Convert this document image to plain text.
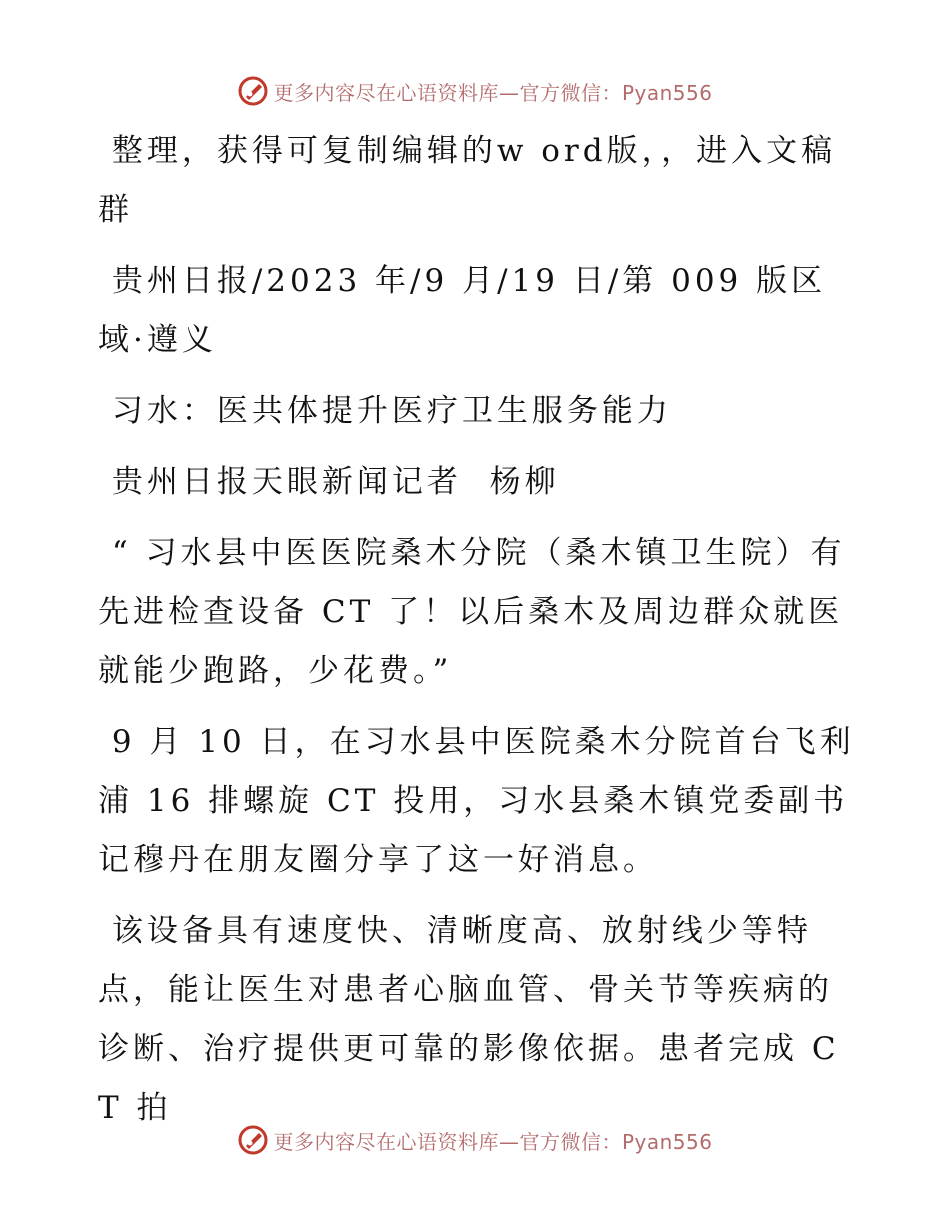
更多内容尽在心语资料库—官方微信：Pyan556

整理，获得可复制编辑的w ord版，，进入文稿群

贵州日报/2023 年/9 月/19 日/第 009 版区域·遵义

习水：医共体提升医疗卫生服务能力

贵州日报天眼新闻记者  杨柳

“ 习水县中医医院桑木分院（桑木镇卫生院）有先进检查设备 CT 了！以后桑木及周边群众就医就能少跑路，少花费。”

9 月 10 日，在习水县中医院桑木分院首台飞利浦 16 排螺旋 CT 投用，习水县桑木镇党委副书记穆丹在朋友圈分享了这一好消息。

该设备具有速度快、清晰度高、放射线少等特点，能让医生对患者心脑血管、骨关节等疾病的诊断、治疗提供更可靠的影像依据。患者完成 CT 拍

更多内容尽在心语资料库—官方微信：Pyan556
